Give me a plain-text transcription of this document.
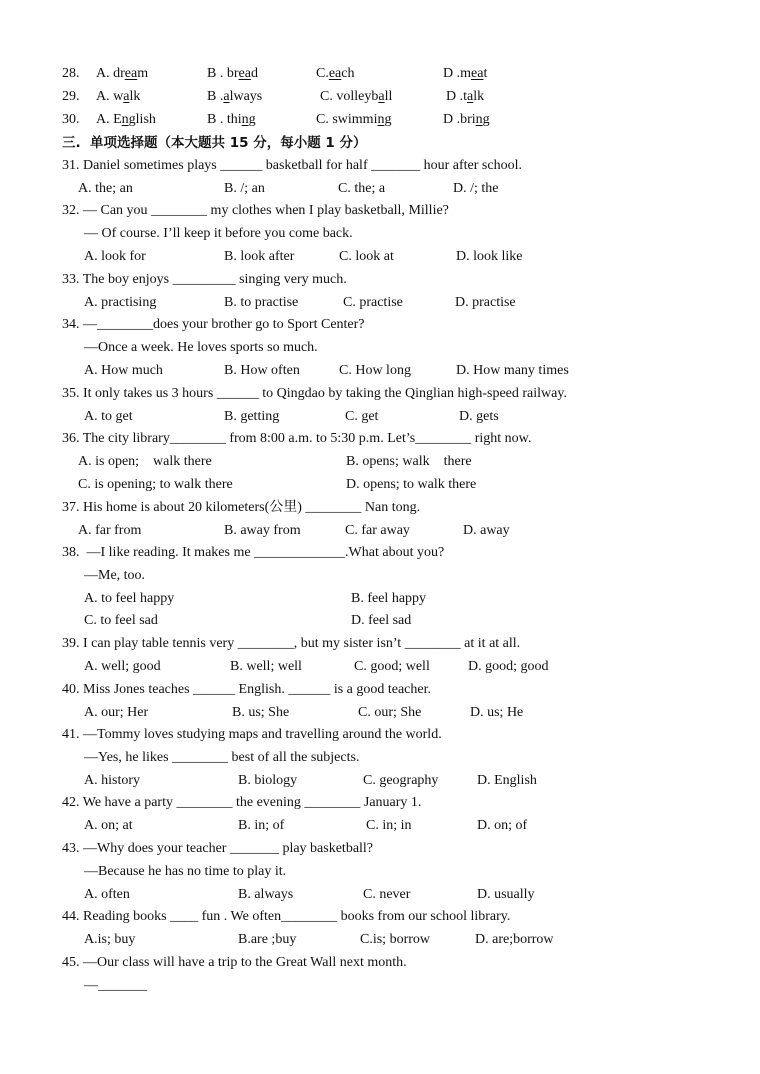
28. A. dream	B . bread	C.each	D .meat
29. A. walk	B .always	C. volleyball	D .talk
30. A. English	B . thing	C. swimming	D .bring
三.  单项选择题（本大题共 15 分，每小题 1 分）
31. Daniel sometimes plays ______ basketball for half _______ hour after school.
A. the; an	B. /; an	C. the; a	D. /; the
32. — Can you ________ my clothes when I play basketball, Millie?
— Of course. I’ll keep it before you come back.
A. look for	B. look after	C. look at	D. look like
33. The boy enjoys _________ singing very much.
A. practising	B. to practise	C. practise	D. practise
34. —________does your brother go to Sport Center?
—Once a week. He loves sports so much.
A. How much	B. How often	C. How long	D. How many times
35. It only takes us 3 hours ______ to Qingdao by taking the Qinglian high-speed railway.
A. to get	B. getting	C. get	D. gets
36. The city library________ from 8:00 a.m. to 5:30 p.m. Let’s________ right now.
A. is open;    walk there	B. opens; walk    there
C. is opening; to walk there	D. opens; to walk there
37. His home is about 20 kilometers(公里) ________ Nan tong.
A. far from	B. away from	C. far away	D. away
38.  —I like reading. It makes me _____________.What about you?
—Me, too.
A. to feel happy	B. feel happy
C. to feel sad	D. feel sad
39. I can play table tennis very ________, but my sister isn’t ________ at it at all.
A. well; good	B. well; well	C. good; well	D. good; good
40. Miss Jones teaches ______ English. ______ is a good teacher.
A. our; Her	B. us; She	C. our; She	D. us; He
41. —Tommy loves studying maps and travelling around the world.
—Yes, he likes ________ best of all the subjects.
A. history	B. biology	C. geography	D. English
42. We have a party ________ the evening ________ January 1.
A. on; at	B. in; of	C. in; in	D. on; of
43. —Why does your teacher _______ play basketball?
—Because he has no time to play it.
A. often	B. always	C. never	D. usually
44. Reading books ____ fun . We often________ books from our school library.
A.is; buy	B.are ;buy	C.is; borrow	D. are;borrow
45. —Our class will have a trip to the Great Wall next month.
—_______
